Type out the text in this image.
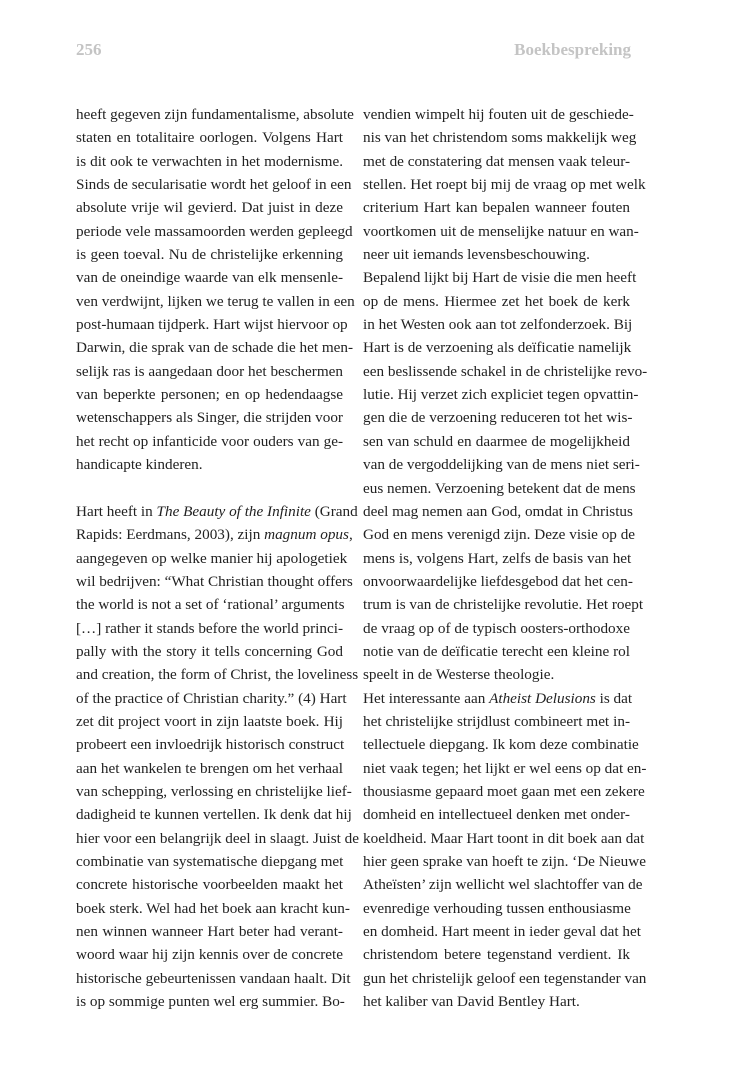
256	Boekbespreking
heeft gegeven zijn fundamentalisme, absolute
staten en totalitaire oorlogen. Volgens Hart
is dit ook te verwachten in het modernisme.
Sinds de secularisatie wordt het geloof in een
absolute vrije wil gevierd. Dat juist in deze
periode vele massamoorden werden gepleegd
is geen toeval. Nu de christelijke erkenning
van de oneindige waarde van elk mensenle-
ven verdwijnt, lijken we terug te vallen in een
post-humaan tijdperk. Hart wijst hiervoor op
Darwin, die sprak van de schade die het men-
selijk ras is aangedaan door het beschermen
van beperkte personen; en op hedendaagse
wetenschappers als Singer, die strijden voor
het recht op infanticide voor ouders van ge-
handicapte kinderen.
Hart heeft in The Beauty of the Infinite (Grand
Rapids: Eerdmans, 2003), zijn magnum opus,
aangegeven op welke manier hij apologetiek
wil bedrijven: “What Christian thought offers
the world is not a set of ‘rational’ arguments
[…] rather it stands before the world princi-
pally with the story it tells concerning God
and creation, the form of Christ, the loveliness
of the practice of Christian charity.” (4) Hart
zet dit project voort in zijn laatste boek. Hij
probeert een invloedrijk historisch construct
aan het wankelen te brengen om het verhaal
van schepping, verlossing en christelijke lief-
dadigheid te kunnen vertellen. Ik denk dat hij
hier voor een belangrijk deel in slaagt. Juist de
combinatie van systematische diepgang met
concrete historische voorbeelden maakt het
boek sterk. Wel had het boek aan kracht kun-
nen winnen wanneer Hart beter had verant-
woord waar hij zijn kennis over de concrete
historische gebeurtenissen vandaan haalt. Dit
is op sommige punten wel erg summier. Bo-
vendien wimpelt hij fouten uit de geschiede-
nis van het christendom soms makkelijk weg
met de constatering dat mensen vaak teleur-
stellen. Het roept bij mij de vraag op met welk
criterium Hart kan bepalen wanneer fouten
voortkomen uit de menselijke natuur en wan-
neer uit iemands levensbeschouwing.
Bepalend lijkt bij Hart de visie die men heeft
op de mens. Hiermee zet het boek de kerk
in het Westen ook aan tot zelfonderzoek. Bij
Hart is de verzoening als deïficatie namelijk
een beslissende schakel in de christelijke revo-
lutie. Hij verzet zich expliciet tegen opvattin-
gen die de verzoening reduceren tot het wis-
sen van schuld en daarmee de mogelijkheid
van de vergoddelijking van de mens niet seri-
eus nemen. Verzoening betekent dat de mens
deel mag nemen aan God, omdat in Christus
God en mens verenigd zijn. Deze visie op de
mens is, volgens Hart, zelfs de basis van het
onvoorwaardelijke liefdesgebod dat het cen-
trum is van de christelijke revolutie. Het roept
de vraag op of de typisch oosters-orthodoxe
notie van de deïficatie terecht een kleine rol
speelt in de Westerse theologie.
Het interessante aan Atheist Delusions is dat
het christelijke strijdlust combineert met in-
tellectuele diepgang. Ik kom deze combinatie
niet vaak tegen; het lijkt er wel eens op dat en-
thousiasme gepaard moet gaan met een zekere
domheid en intellectueel denken met onder-
koeldheid. Maar Hart toont in dit boek aan dat
hier geen sprake van hoeft te zijn. ‘De Nieuwe
Atheïsten’ zijn wellicht wel slachtoffer van de
evenredige verhouding tussen enthousiasme
en domheid. Hart meent in ieder geval dat het
christendom betere tegenstand verdient. Ik
gun het christelijk geloof een tegenstander van
het kaliber van David Bentley Hart.
